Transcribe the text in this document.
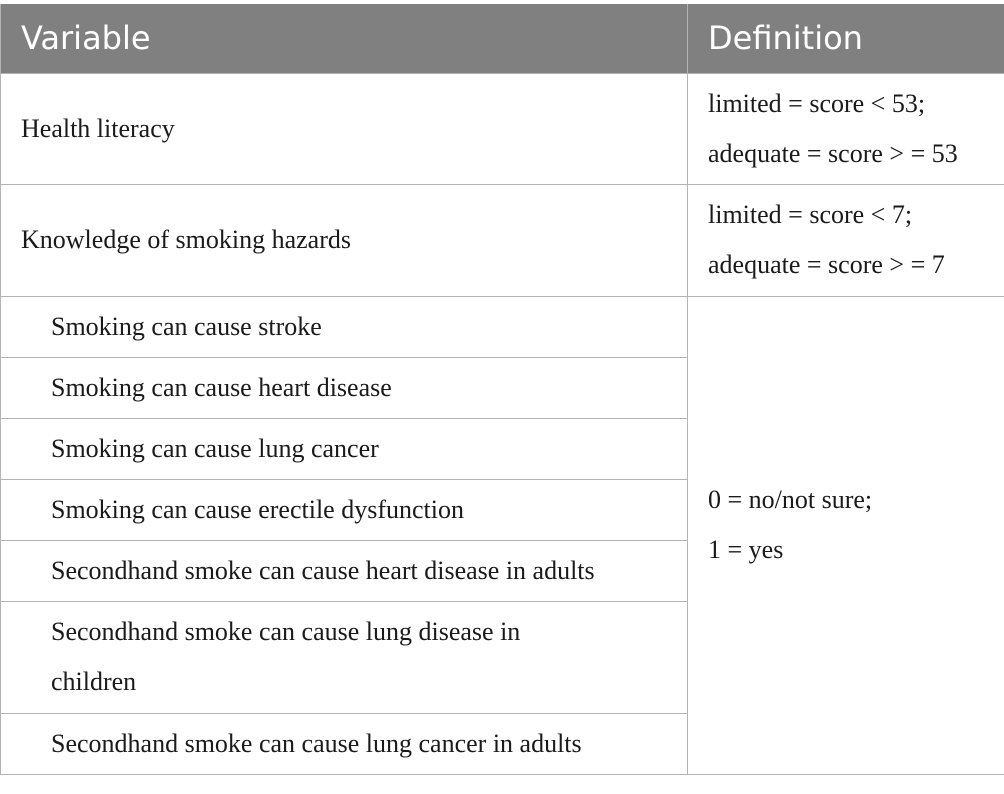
Variable	Definition
Health literacy	limited = score < 53;
adequate = score > = 53

Knowledge of smoking hazards	limited = score < 7;
adequate = score > = 7

Smoking can cause stroke	0 = no/not sure;
1 = yes

Smoking can cause heart disease	
Smoking can cause lung cancer	
Smoking can cause erectile dysfunction	
Secondhand smoke can cause heart disease in adults	

Secondhand smoke can cause lung disease in
children	

Secondhand smoke can cause lung cancer in adults	
